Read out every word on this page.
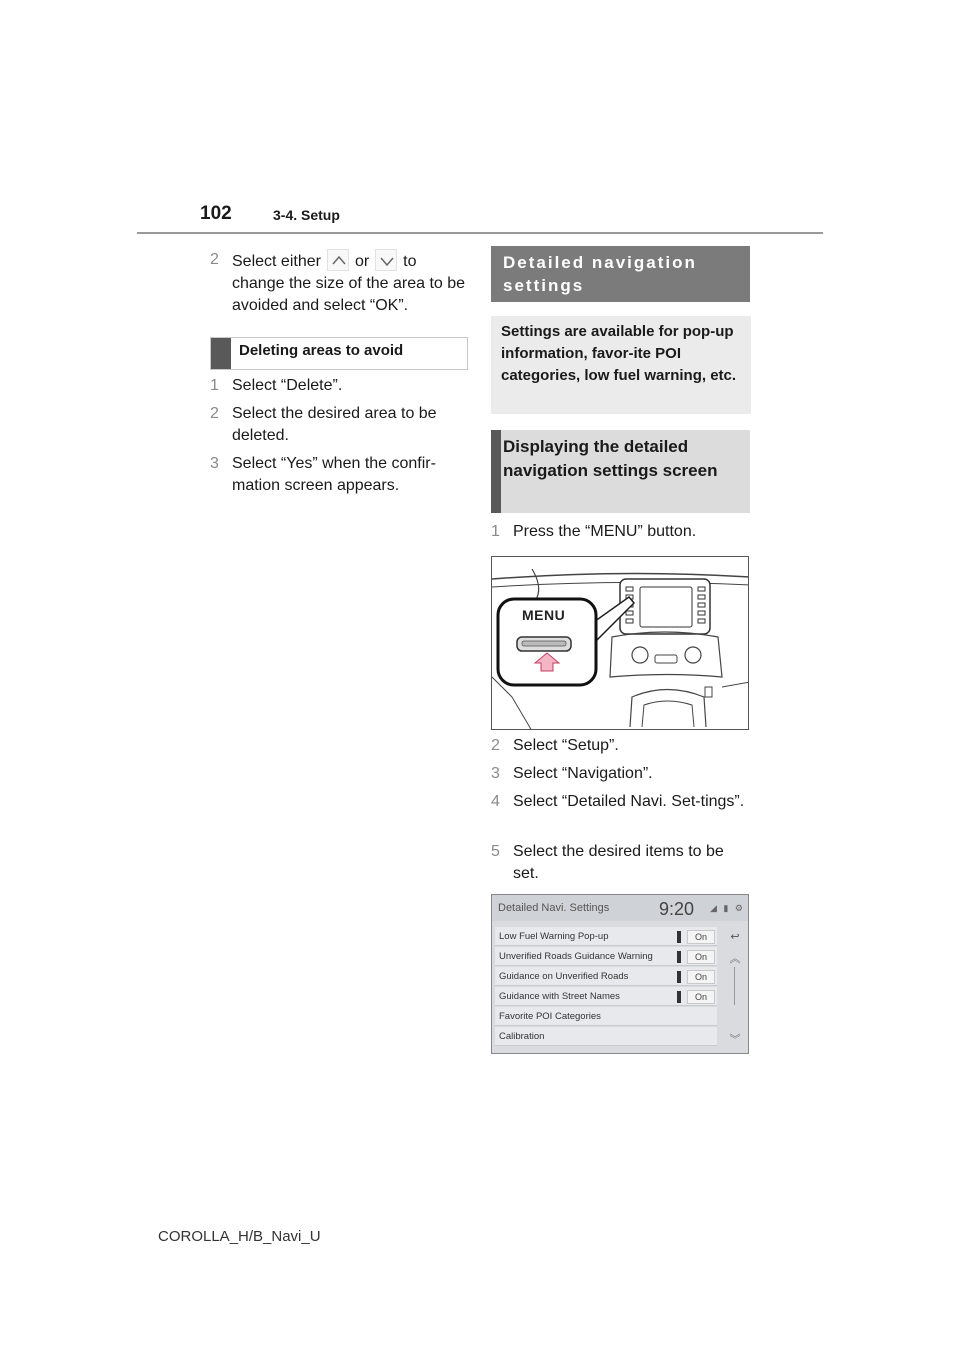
102	3-4. Setup
2 Select either or to change the size of the area to be avoided and select “OK”.
Deleting areas to avoid
1 Select “Delete”.
2 Select the desired area to be deleted.
3 Select “Yes” when the confir-mation screen appears.
Detailed navigation settings
Settings are available for pop-up information, favor-ite POI categories, low fuel warning, etc.
Displaying the detailed navigation settings screen
1 Press the “MENU” button.
MENU
2 Select “Setup”.
3 Select “Navigation”.
4 Select “Detailed Navi. Set-tings”.
5 Select the desired items to be set.
Detailed Navi. Settings	9:20 ◢ ▮ ⚙
Low Fuel Warning Pop-up	On
Unverified Roads Guidance Warning	On
Guidance on Unverified Roads	On
Guidance with Street Names	On
Favorite POI Categories
Calibration
↩
︽
︾
COROLLA_H/B_Navi_U
